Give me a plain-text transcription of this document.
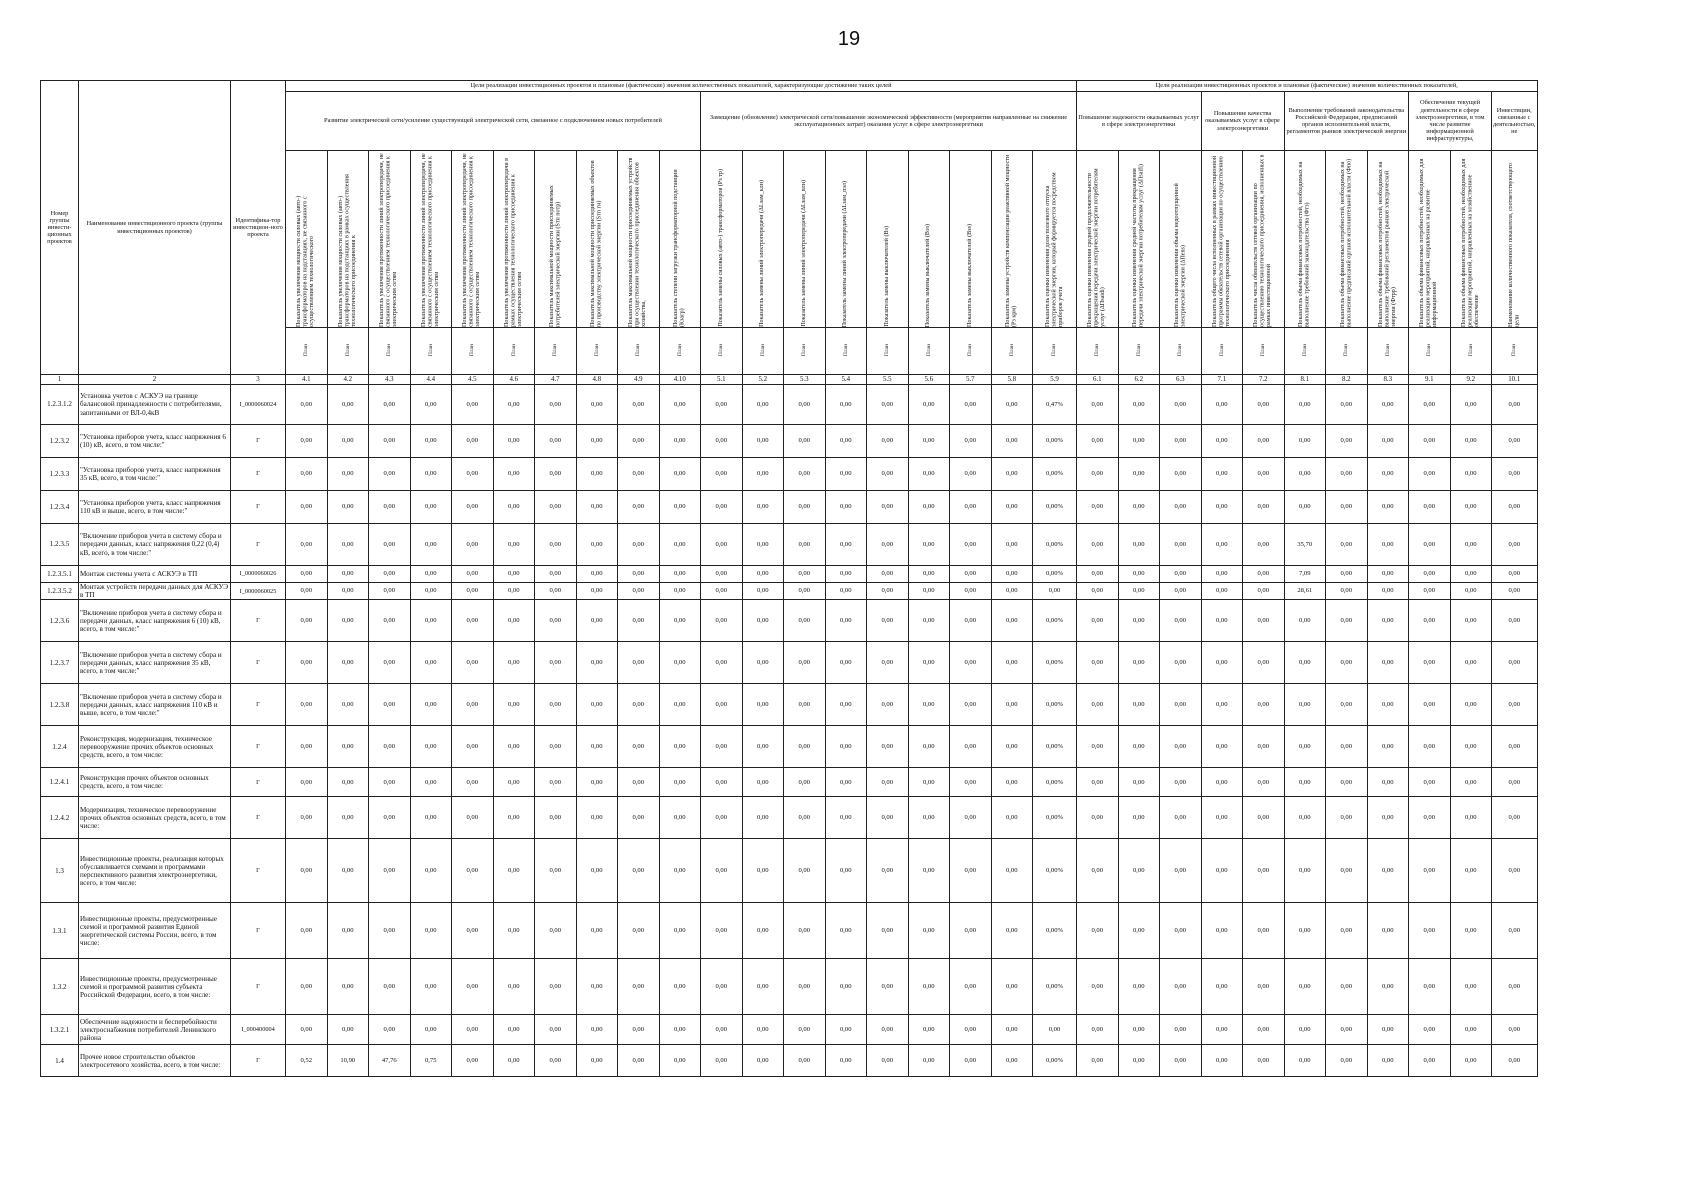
19
Номер группы инвести-ционных проектов	Наименование инвестиционного проекта (группы инвестиционных проектов)	Идентифика-тор инвестицион-ного проекта	Цели реализации инвестиционных проектов и плановые (фактические) значения количественных показателей, характеризующие достижение таких целей																			Цели реализации инвестиционных проектов и плановые (фактические) значения количественных показателей,										
			Развитие электрической сети/усиление существующей электрической сети, связанное с подключением новых потребителей										Замещение (обновление) электрической сети/повышение экономической эффективности (мероприятия направленные на снижение эксплуатационных затрат) оказания услуг в сфере электроэнергетики									Повышение надежности оказываемых услуг в сфере электроэнергетики			Повышение качества оказываемых услуг в сфере электроэнергетики		Выполнение требований законодательства Российской Федерации, предписаний органов исполнительной власти, регламентов рынков электрической энергии			Обеспечение текущей деятельности в сфере электроэнергетики, в том числе развитие информационной инфраструктуры,		Инвестиции, связанные с деятельностью, не

			Показатель увеличения мощности силовых (авто-) трансформаторов на подстанциях, не связанного с осуществлением технологического	Показатель увеличения мощности силовых (авто-) трансформаторов на подстанциях в рамках осуществления технологического присоединения к	Показатель увеличения протяженности линий электропередачи, не связанного с осуществлением технологического присоединения к электрическим сетям	Показатель увеличения протяженности линий электропередачи, не связанного с осуществлением технологического присоединения к электрическим сетям	Показатель увеличения протяженности линий электропередачи, не связанного с осуществлением технологического присоединения к электрическим сетям	Показатель увеличения протяженности линий электропередачи в рамках осуществления технологического присоединения к электрическим сетям	Показатель максимальной мощности присоединяемых потребителей электрической энергии (Sтп потр)	Показатель максимальной мощности присоединяемых объектов по производству электрической энергии (Sтп гн)	Показатель максимальной мощности присоединяемых устройств при осуществлении технологического присоединения объектов хозяйства,	Показатель степени загрузки трансформаторной подстанции (Кзагр)	Показатель замены силовых (авто-) трансформаторов (Рз тр)	Показатель замены линий электропередачи (ΔLзам_клн)	Показатель замены линий электропередачи (ΔLзам_влн)	Показатель замены линий электропередачи (ΔLзам_пэл)	Показатель замены выключателей (Вз)	Показатель замены выключателей (Вэз)	Показатель замены выключателей (Взs)	Показатель замены устройств компенсации реактивной мощности (Рз крм)	Показатель оценки изменения доли полезного отпуска электрической энергии, который формируется посредством приборов учета	Показатель оценки изменения средней продолжительности прекращения передачи электрической энергии потребителям услуг (ΔПsaidi)	Показатель оценки изменения средней частоты прекращения передачи электрической энергии потребителям услуг (ΔПsaifi)	Показатель оценки изменения объема недоотпущенной электрической энергии (ΔПens)	Показатель общего числа исполненных в рамках инвестиционной программы обязательств сетевой организации по осуществлению технологического присоединения	Показатель числа обязательств сетевой организации по осуществлению технологического присоединения, исполненных в рамках инвестиционной	Показатель объема финансовых потребностей, необходимых на выполнение требований законодательства (Фтз)	Показатель объема финансовых потребностей, необходимых на выполнение предписаний органов исполнительной власти (Фпо)	Показатель объема финансовых потребностей, необходимых на выполнение требований регламентов рынков электрической энергии (Фтрр)	Показатель объема финансовых потребностей, необходимых для реализации мероприятий, направленных на развитие информационной	Показатель объема финансовых потребностей, необходимых для реализации мероприятий, направленных на хозяйственное обеспечение	Наименование количественного показателя, соответствующего цели

			План	План	План	План	План	План	План	План	План	План	План	План	План	План	План	План	План	План	План	План	План	План	План	План	План	План	План	План	План	План
1	2	3	4.1	4.2	4.3	4.4	4.5	4.6	4.7	4.8	4.9	4.10	5.1	5.2	5.3	5.4	5.5	5.6	5.7	5.8	5.9	6.1	6.2	6.3	7.1	7.2	8.1	8.2	8.3	9.1	9.2	10.1
1.2.3.1.2	Установка учетов с АСКУЭ на границе балансовой принадлежности с потребителями, запитанными от ВЛ-0,4кВ	I_0000060024	0,00	0,00	0,00	0,00	0,00	0,00	0,00	0,00	0,00	0,00	0,00	0,00	0,00	0,00	0,00	0,00	0,00	0,00	0,47%	0,00	0,00	0,00	0,00	0,00	0,00	0,00	0,00	0,00	0,00	0,00
1.2.3.2	"Установка приборов учета, класс напряжения 6 (10) кВ, всего, в том числе:"	Г	0,00	0,00	0,00	0,00	0,00	0,00	0,00	0,00	0,00	0,00	0,00	0,00	0,00	0,00	0,00	0,00	0,00	0,00	0,00%	0,00	0,00	0,00	0,00	0,00	0,00	0,00	0,00	0,00	0,00	0,00
1.2.3.3	"Установка приборов учета, класс напряжения 35 кВ, всего, в том числе:"	Г	0,00	0,00	0,00	0,00	0,00	0,00	0,00	0,00	0,00	0,00	0,00	0,00	0,00	0,00	0,00	0,00	0,00	0,00	0,00%	0,00	0,00	0,00	0,00	0,00	0,00	0,00	0,00	0,00	0,00	0,00
1.2.3.4	"Установка приборов учета, класс напряжения 110 кВ и выше, всего, в том числе:"	Г	0,00	0,00	0,00	0,00	0,00	0,00	0,00	0,00	0,00	0,00	0,00	0,00	0,00	0,00	0,00	0,00	0,00	0,00	0,00%	0,00	0,00	0,00	0,00	0,00	0,00	0,00	0,00	0,00	0,00	0,00
1.2.3.5	"Включение приборов учета в систему сбора и передачи данных, класс напряжения 0,22 (0,4) кВ, всего, в том числе:"	Г	0,00	0,00	0,00	0,00	0,00	0,00	0,00	0,00	0,00	0,00	0,00	0,00	0,00	0,00	0,00	0,00	0,00	0,00	0,00%	0,00	0,00	0,00	0,00	0,00	35,70	0,00	0,00	0,00	0,00	0,00
1.2.3.5.1	Монтаж системы учета с АСКУЭ в ТП	I_0000060026	0,00	0,00	0,00	0,00	0,00	0,00	0,00	0,00	0,00	0,00	0,00	0,00	0,00	0,00	0,00	0,00	0,00	0,00	0,00%	0,00	0,00	0,00	0,00	0,00	7,09	0,00	0,00	0,00	0,00	0,00
1.2.3.5.2	Монтаж устройств передачи данных для АСКУЭ в ТП	I_0000060025	0,00	0,00	0,00	0,00	0,00	0,00	0,00	0,00	0,00	0,00	0,00	0,00	0,00	0,00	0,00	0,00	0,00	0,00	0,00	0,00	0,00	0,00	0,00	0,00	28,61	0,00	0,00	0,00	0,00	0,00
1.2.3.6	"Включение приборов учета в систему сбора и передачи данных, класс напряжения 6 (10) кВ, всего, в том числе:"	Г	0,00	0,00	0,00	0,00	0,00	0,00	0,00	0,00	0,00	0,00	0,00	0,00	0,00	0,00	0,00	0,00	0,00	0,00	0,00%	0,00	0,00	0,00	0,00	0,00	0,00	0,00	0,00	0,00	0,00	0,00
1.2.3.7	"Включение приборов учета в систему сбора и передачи данных, класс напряжения 35 кВ, всего, в том числе:"	Г	0,00	0,00	0,00	0,00	0,00	0,00	0,00	0,00	0,00	0,00	0,00	0,00	0,00	0,00	0,00	0,00	0,00	0,00	0,00%	0,00	0,00	0,00	0,00	0,00	0,00	0,00	0,00	0,00	0,00	0,00
1.2.3.8	"Включение приборов учета в систему сбора и передачи данных, класс напряжения 110 кВ и выше, всего, в том числе:"	Г	0,00	0,00	0,00	0,00	0,00	0,00	0,00	0,00	0,00	0,00	0,00	0,00	0,00	0,00	0,00	0,00	0,00	0,00	0,00%	0,00	0,00	0,00	0,00	0,00	0,00	0,00	0,00	0,00	0,00	0,00
1.2.4	Реконструкция, модернизация, техническое перевооружение прочих объектов основных средств, всего, в том числе:	Г	0,00	0,00	0,00	0,00	0,00	0,00	0,00	0,00	0,00	0,00	0,00	0,00	0,00	0,00	0,00	0,00	0,00	0,00	0,00%	0,00	0,00	0,00	0,00	0,00	0,00	0,00	0,00	0,00	0,00	0,00
1.2.4.1	Реконструкция прочих объектов основных средств, всего, в том числе:	Г	0,00	0,00	0,00	0,00	0,00	0,00	0,00	0,00	0,00	0,00	0,00	0,00	0,00	0,00	0,00	0,00	0,00	0,00	0,00%	0,00	0,00	0,00	0,00	0,00	0,00	0,00	0,00	0,00	0,00	0,00
1.2.4.2	Модернизация, техническое перевооружение прочих объектов основных средств, всего, в том числе:	Г	0,00	0,00	0,00	0,00	0,00	0,00	0,00	0,00	0,00	0,00	0,00	0,00	0,00	0,00	0,00	0,00	0,00	0,00	0,00%	0,00	0,00	0,00	0,00	0,00	0,00	0,00	0,00	0,00	0,00	0,00
1.3	Инвестиционные проекты, реализация которых обуславливается схемами и программами перспективного развития электроэнергетики, всего, в том числе:	Г	0,00	0,00	0,00	0,00	0,00	0,00	0,00	0,00	0,00	0,00	0,00	0,00	0,00	0,00	0,00	0,00	0,00	0,00	0,00%	0,00	0,00	0,00	0,00	0,00	0,00	0,00	0,00	0,00	0,00	0,00
1.3.1	Инвестиционные проекты, предусмотренные схемой и программой развития Единой энергетической системы России, всего, в том числе:	Г	0,00	0,00	0,00	0,00	0,00	0,00	0,00	0,00	0,00	0,00	0,00	0,00	0,00	0,00	0,00	0,00	0,00	0,00	0,00%	0,00	0,00	0,00	0,00	0,00	0,00	0,00	0,00	0,00	0,00	0,00
1.3.2	Инвестиционные проекты, предусмотренные схемой и программой развития субъекта Российской Федерации, всего, в том числе:	Г	0,00	0,00	0,00	0,00	0,00	0,00	0,00	0,00	0,00	0,00	0,00	0,00	0,00	0,00	0,00	0,00	0,00	0,00	0,00%	0,00	0,00	0,00	0,00	0,00	0,00	0,00	0,00	0,00	0,00	0,00
1.3.2.1	Обеспечение надежности и бесперебойности электроснабжения потребителей Ленинского района	I_000400004	0,00	0,00	0,00	0,00	0,00	0,00	0,00	0,00	0,00	0,00	0,00	0,00	0,00	0,00	0,00	0,00	0,00	0,00	0,00	0,00	0,00	0,00	0,00	0,00	0,00	0,00	0,00	0,00	0,00	0,00
1.4	Прочее новое строительство объектов электросетевого хозяйства, всего, в том числе:	Г	0,52	10,90	47,76	0,75	0,00	0,00	0,00	0,00	0,00	0,00	0,00	0,00	0,00	0,00	0,00	0,00	0,00	0,00	0,00%	0,00	0,00	0,00	0,00	0,00	0,00	0,00	0,00	0,00	0,00	0,00
